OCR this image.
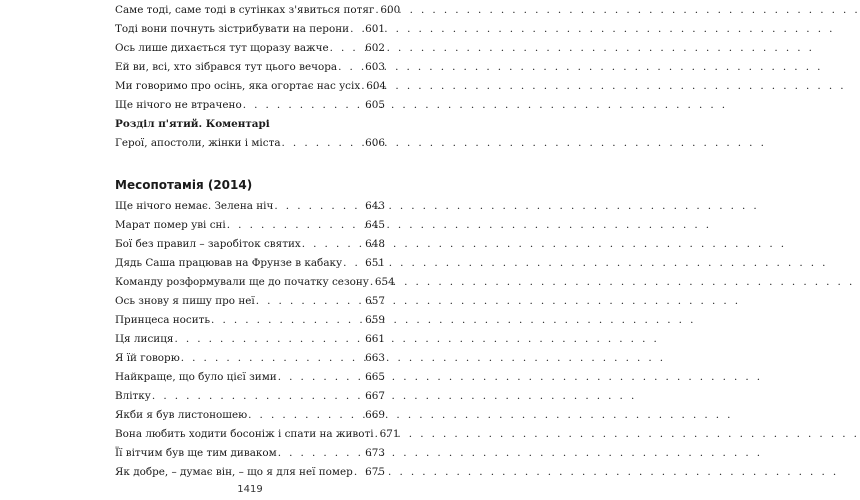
Саме тоді, саме тоді в сутінках з'явиться потяг . . . 600
Тоді вони почнуть зістрибувати на перони . . . 601
Ось лише дихається тут щоразу важче . . .	602
Ей ви, всі, хто зібрався тут цього вечора . . .	603
Ми говоримо про осінь, яка огортає нас усіх . . . 604
Ще нічого не втрачено . . .	605
Розділ п'ятий. Коментарі
Герої, апостоли, жінки і міста . . .	606
Месопотамія (2014)
Ще нічого немає. Зелена ніч . . .	643
Марат помер уві сні . . .	645
Бої без правил – заробіток святих . . .	648
Дядь Саша працював на Фрунзе в кабаку . . . 651
Команду розформували ще до початку сезону . . . 654
Ось знову я пишу про неї . . .	657
Принцеса носить . . .	659
Ця лисиця . . .	661
Я їй говорю . . .	663
Найкраще, що було цієї зими . . .	665
Влітку . . .	667
Якби я був листоношею . . .	669
Вона любить ходити босоніж і спати на животі . . . 671
Її вітчим був ще тим диваком . . .	673
Як добре, – думає він, – що я для неї помер . . . 675
1419
